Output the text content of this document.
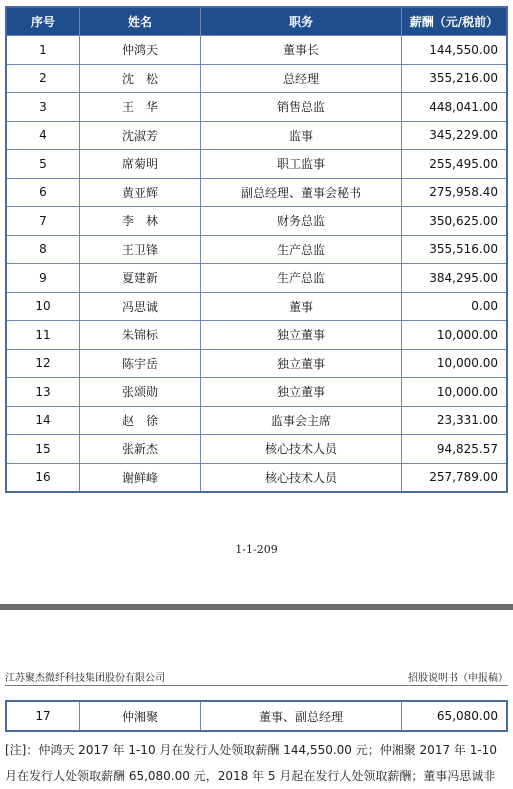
序号	姓名	职务	薪酬（元/税前）
1	仲鸿天	董事长	144,550.00
2	沈　松	总经理	355,216.00
3	王　华	销售总监	448,041.00
4	沈淑芳	监事	345,229.00
5	席菊明	职工监事	255,495.00
6	黄亚辉	副总经理、董事会秘书	275,958.40
7	李　林	财务总监	350,625.00
8	王卫锋	生产总监	355,516.00
9	夏建新	生产总监	384,295.00
10	冯思诚	董事	0.00
11	朱锦标	独立董事	10,000.00
12	陈宇岳	独立董事	10,000.00
13	张颂勋	独立董事	10,000.00
14	赵　徐	监事会主席	23,331.00
15	张新杰	核心技术人员	94,825.57
16	谢鲜峰	核心技术人员	257,789.00
1-1-209
江苏聚杰微纤科技集团股份有限公司	招股说明书（申报稿）
17	仲湘聚	董事、副总经理	65,080.00
[注]：仲鸿天 2017 年 1-10 月在发行人处领取薪酬 144,550.00 元；仲湘聚 2017 年 1-10
月在发行人处领取薪酬 65,080.00 元，2018 年 5 月起在发行人处领取薪酬；董事冯思诚非
